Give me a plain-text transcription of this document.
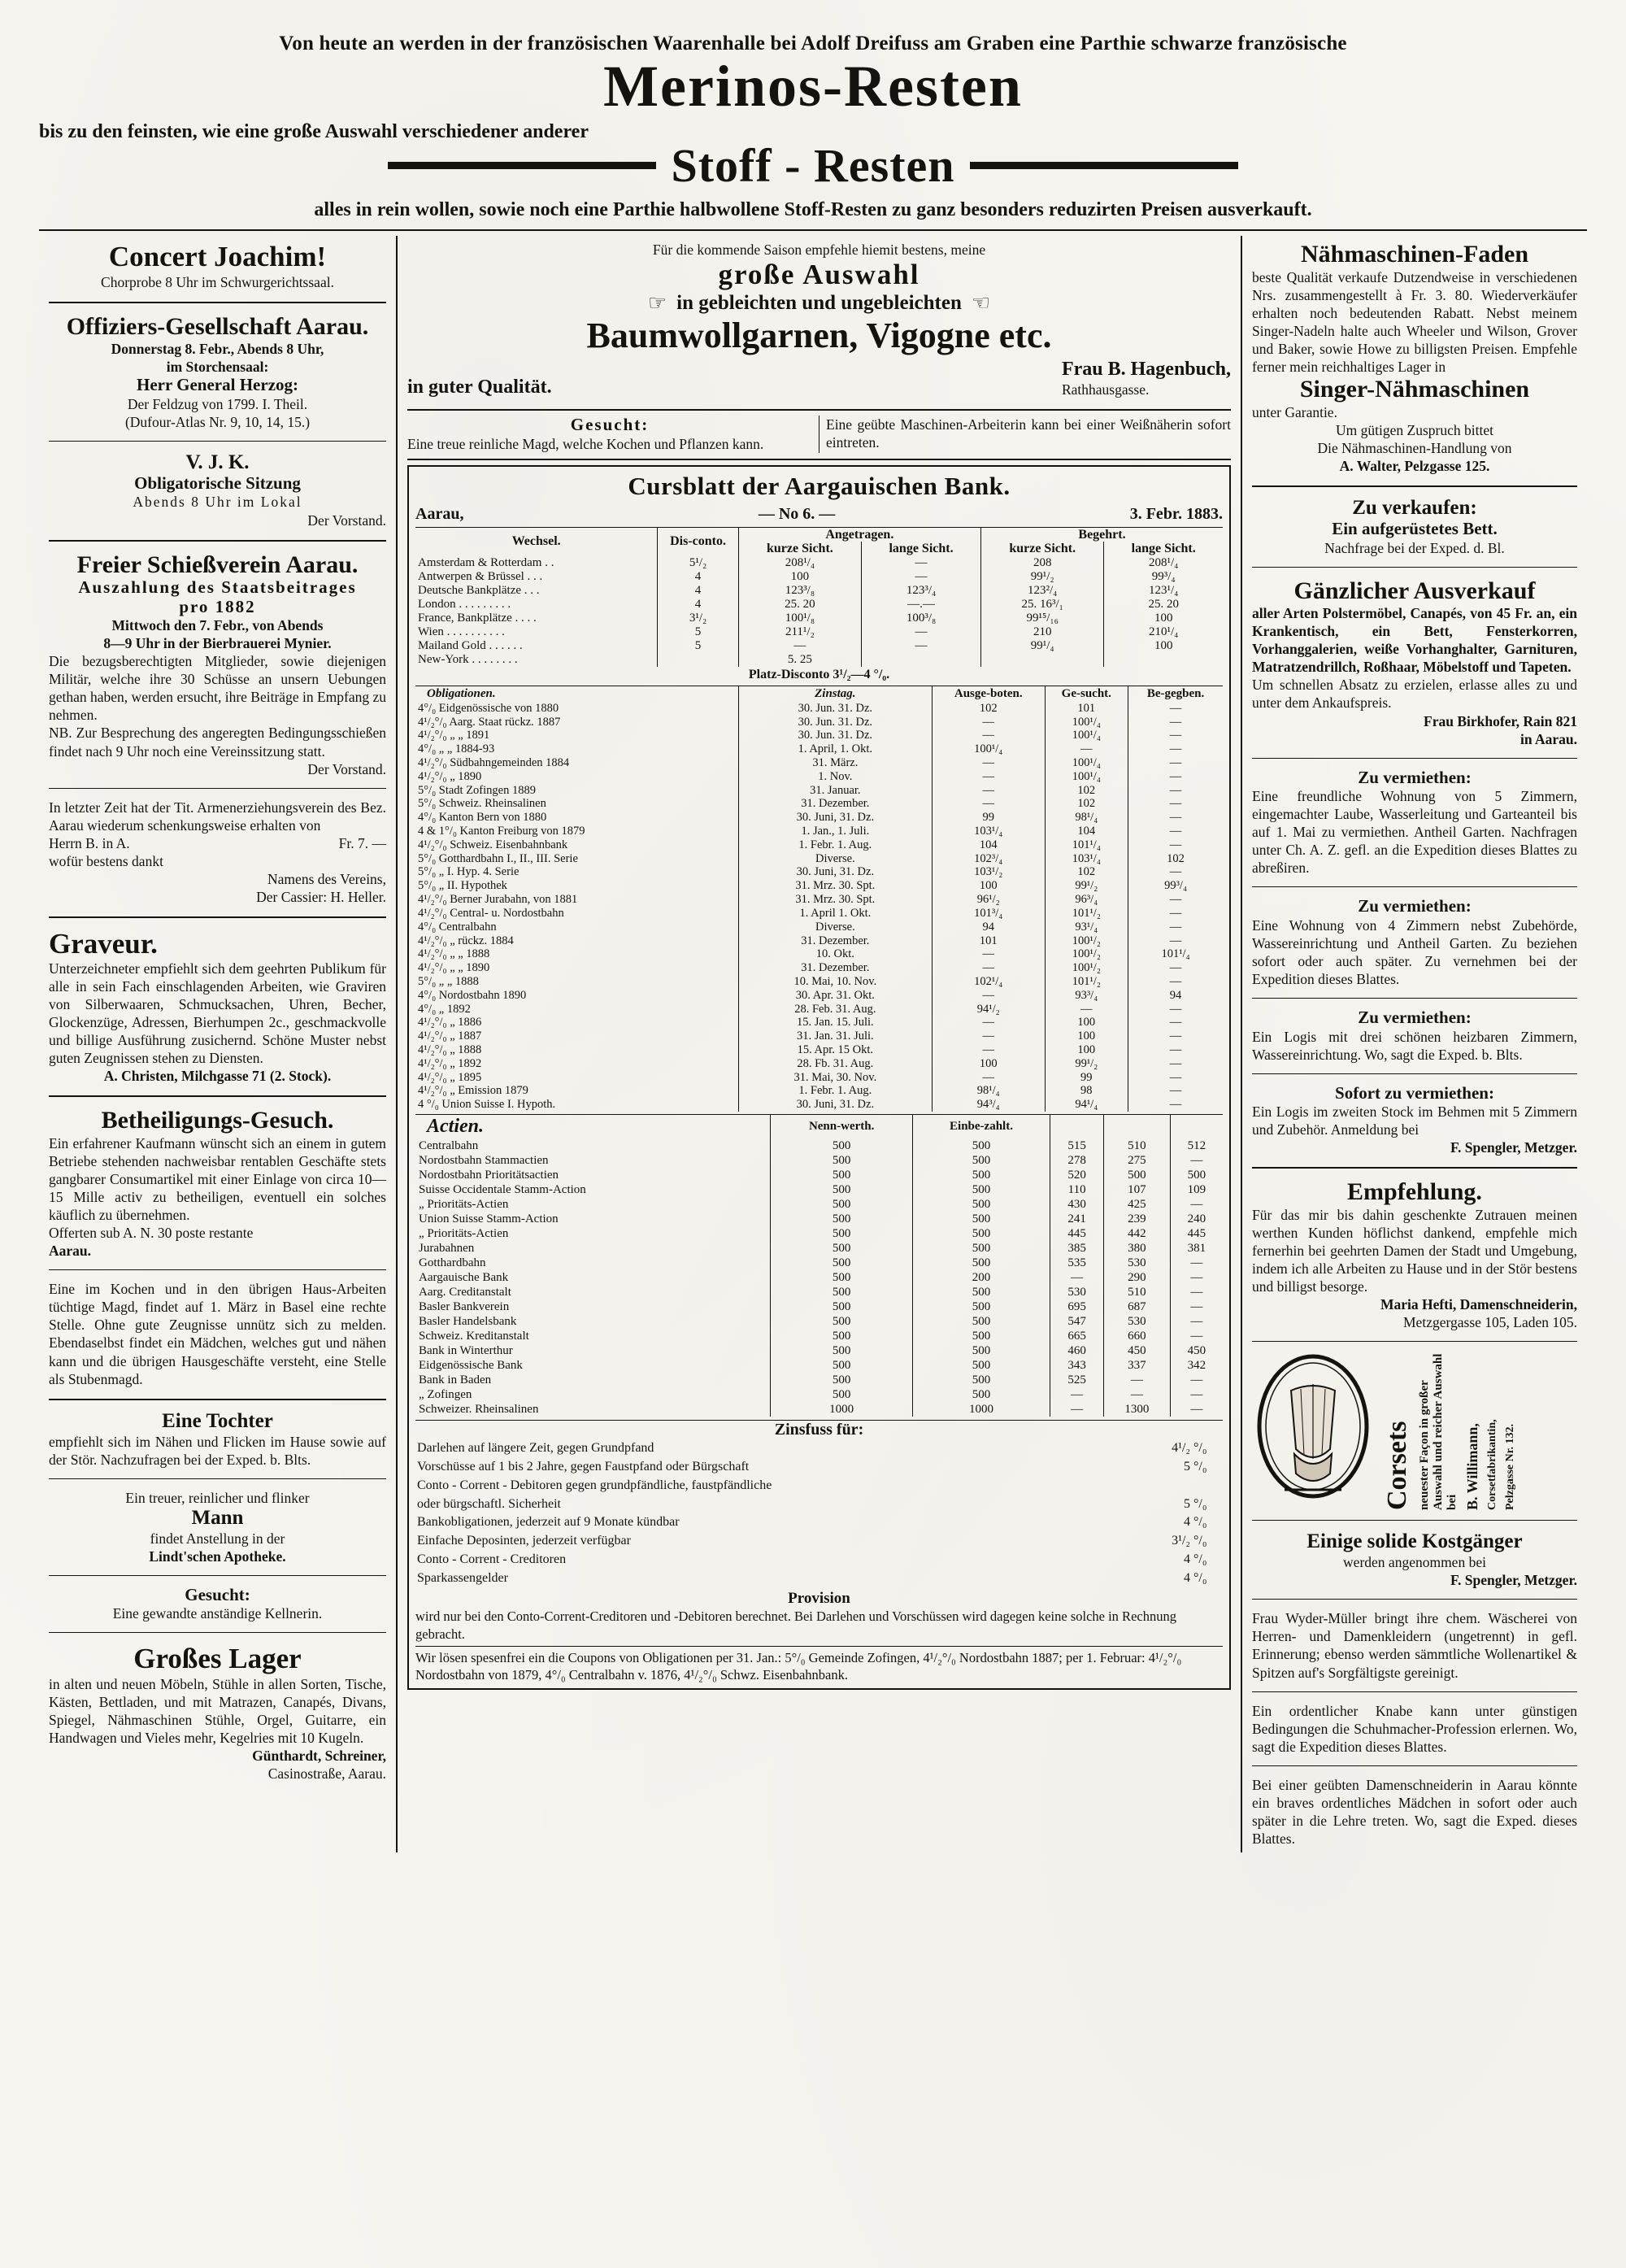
Von heute an werden in der französischen Waarenhalle bei Adolf Dreifuss am Graben eine Parthie schwarze französische
Merinos-Resten
bis zu den feinsten, wie eine große Auswahl verschiedener anderer
Stoff - Resten
alles in rein wollen, sowie noch eine Parthie halbwollene Stoff-Resten zu ganz besonders reduzirten Preisen ausverkauft.
Concert Joachim!
Chorprobe 8 Uhr im Schwurgerichtssaal.
Offiziers-Gesellschaft Aarau.
Donnerstag 8. Febr., Abends 8 Uhr,
im Storchensaal:
Herr General Herzog:
Der Feldzug von 1799. I. Theil.
(Dufour-Atlas Nr. 9, 10, 14, 15.)
V. J. K.
Obligatorische Sitzung
Abends 8 Uhr im Lokal
Der Vorstand.
Freier Schießverein Aarau.
Auszahlung des Staatsbeitrages
pro 1882
Mittwoch den 7. Febr., von Abends
8—9 Uhr in der Bierbrauerei Mynier.
Die bezugsberechtigten Mitglieder, sowie diejenigen Militär, welche ihre 30 Schüsse an unsern Uebungen gethan haben, werden ersucht, ihre Beiträge in Empfang zu nehmen.
NB. Zur Besprechung des angeregten Bedingungsschießen findet nach 9 Uhr noch eine Vereinssitzung statt.
Der Vorstand.
In letzter Zeit hat der Tit. Armenerziehungsverein des Bez. Aarau wiederum schenkungsweise erhalten von
Herrn B. in A.	Fr. 7. —
wofür bestens dankt
Namens des Vereins,
Der Cassier: H. Heller.
Graveur.
Unterzeichneter empfiehlt sich dem geehrten Publikum für alle in sein Fach einschlagenden Arbeiten, wie Graviren von Silberwaaren, Schmucksachen, Uhren, Becher, Glockenzüge, Adressen, Bierhumpen 2c., geschmackvolle und billige Ausführung zusichernd. Schöne Muster nebst guten Zeugnissen stehen zu Diensten.
A. Christen, Milchgasse 71 (2. Stock).
Betheiligungs-Gesuch.
Ein erfahrener Kaufmann wünscht sich an einem in gutem Betriebe stehenden nachweisbar rentablen Geschäfte stets gangbarer Consumartikel mit einer Einlage von circa 10—15 Mille activ zu betheiligen, eventuell ein solches käuflich zu übernehmen.
Offerten sub A. N. 30 poste restante
Aarau.
Eine im Kochen und in den übrigen Haus-Arbeiten tüchtige Magd, findet auf 1. März in Basel eine rechte Stelle. Ohne gute Zeugnisse unnütz sich zu melden. Ebendaselbst findet ein Mädchen, welches gut und nähen kann und die übrigen Hausgeschäfte versteht, eine Stelle als Stubenmagd.
Eine Tochter
empfiehlt sich im Nähen und Flicken im Hause sowie auf der Stör. Nachzufragen bei der Exped. b. Blts.
Ein treuer, reinlicher und flinker
Mann
findet Anstellung in der
Lindt'schen Apotheke.
Gesucht:
Eine gewandte anständige Kellnerin.
Großes Lager
in alten und neuen Möbeln, Stühle in allen Sorten, Tische, Kästen, Bettladen, und mit Matrazen, Canapés, Divans, Spiegel, Nähmaschinen Stühle, Orgel, Guitarre, ein Handwagen und Vieles mehr, Kegelries mit 10 Kugeln.
Günthardt, Schreiner,
Casinostraße, Aarau.
Für die kommende Saison empfehle hiemit bestens, meine
große Auswahl
☞ in gebleichten und ungebleichten ☜
Baumwollgarnen, Vigogne etc.
in guter Qualität.
Frau B. Hagenbuch,
Rathhausgasse.
Gesucht:
Eine treue reinliche Magd, welche Kochen und Pflanzen kann.
Eine geübte Maschinen-Arbeiterin kann bei einer Weißnäherin sofort eintreten.
Cursblatt der Aargauischen Bank.
Aarau,	— No 6. —	3. Febr. 1883.
Wechsel.	Dis-conto.	Angetragen.		Begehrt.	
		kurze Sicht.	lange Sicht.	kurze Sicht.	lange Sicht.
Amsterdam & Rotterdam . .	5¹/₂	208¹/₄	—	208	208¹/₄
Antwerpen & Brüssel . . .	4	100	—	99¹/₂	99³/₄
Deutsche Bankplätze . . .	4	123³/₈	123³/₄	123²/₄	123¹/₄
London . . . . . . . . .	4	25. 20	—.—	25. 16³/₁	25. 20
France, Bankplätze . . . .	3¹/₂	100¹/₈	100³/₈	99¹⁵/₁₆	100
Wien . . . . . . . . . .	5	211¹/₂	—	210	210¹/₄
Mailand Gold . . . . . .	5	—	—	99¹/₄	100
New-York . . . . . . . .		5. 25			
Platz-Disconto 3¹/₂—4 °/₀.
Obligationen.	Zinstag.	Ausge-boten.	Ge-sucht.	Be-gegben.
4°/₀ Eidgenössische von 1880	30. Jun. 31. Dz.	102	101	—
4¹/₂°/₀ Aarg. Staat rückz. 1887	30. Jun. 31. Dz.	—	100¹/₄	—
4¹/₂°/₀ „ „ 1891	30. Jun. 31. Dz.	—	100¹/₄	—
4°/₀ „ „ 1884-93	1. April, 1. Okt.	100¹/₄	—	—
4¹/₂°/₀ Südbahngemeinden 1884	31. März.	—	100¹/₄	—
4¹/₂°/₀ „ 1890	1. Nov.	—	100¹/₄	—
5°/₀ Stadt Zofingen 1889	31. Januar.	—	102	—
5°/₀ Schweiz. Rheinsalinen	31. Dezember.	—	102	—
4°/₀ Kanton Bern von 1880	30. Juni, 31. Dz.	99	98¹/₄	—
4 & 1°/₀ Kanton Freiburg von 1879	1. Jan., 1. Juli.	103¹/₄	104	—
4¹/₂°/₀ Schweiz. Eisenbahnbank	1. Febr. 1. Aug.	104	101¹/₄	—
5°/₀ Gotthardbahn I., II., III. Serie	Diverse.	102³/₄	103¹/₄	102
5°/₀ „ I. Hyp. 4. Serie	30. Juni, 31. Dz.	103¹/₂	102	—
5°/₀ „ II. Hypothek	31. Mrz. 30. Spt.	100	99¹/₂	99³/₄
4¹/₂°/₀ Berner Jurabahn, von 1881	31. Mrz. 30. Spt.	96¹/₂	96³/₄	—
4¹/₂°/₀ Central- u. Nordostbahn	1. April 1. Okt.	101³/₄	101¹/₂	—
4°/₀ Centralbahn	Diverse.	94	93¹/₄	—
4¹/₂°/₀ „ rückz. 1884	31. Dezember.	101	100¹/₂	—
4¹/₂°/₀ „ „ 1888	10. Okt.	—	100¹/₂	101¹/₄
4¹/₂°/₀ „ „ 1890	31. Dezember.	—	100¹/₂	—
5°/₀ „ „ 1888	10. Mai, 10. Nov.	102¹/₄	101¹/₂	—
4°/₀ Nordostbahn 1890	30. Apr. 31. Okt.	—	93³/₄	94
4°/₀ „ 1892	28. Feb. 31. Aug.	94¹/₂	—	—
4¹/₂°/₀ „ 1886	15. Jan. 15. Juli.	—	100	—
4¹/₂°/₀ „ 1887	31. Jan. 31. Juli.	—	100	—
4¹/₂°/₀ „ 1888	15. Apr. 15 Okt.	—	100	—
4¹/₂°/₀ „ 1892	28. Fb. 31. Aug.	100	99¹/₂	—
4¹/₂°/₀ „ 1895	31. Mai, 30. Nov.	—	99	—
4¹/₂°/₀ „ Emission 1879	1. Febr. 1. Aug.	98¹/₄	98	—
4 °/₀ Union Suisse I. Hypoth.	30. Juni, 31. Dz.	94³/₄	94¹/₄	—
Actien.	Nenn-werth.	Einbe-zahlt.			
Centralbahn	500	500	515	510	512
Nordostbahn Stammactien	500	500	278	275	—
Nordostbahn Prioritätsactien	500	500	520	500	500
Suisse Occidentale Stamm-Action	500	500	110	107	109
„ Prioritäts-Actien	500	500	430	425	—
Union Suisse Stamm-Action	500	500	241	239	240
„ Prioritäts-Actien	500	500	445	442	445
Jurabahnen	500	500	385	380	381
Gotthardbahn	500	500	535	530	—
Aargauische Bank	500	200	—	290	—
Aarg. Creditanstalt	500	500	530	510	—
Basler Bankverein	500	500	695	687	—
Basler Handelsbank	500	500	547	530	—
Schweiz. Kreditanstalt	500	500	665	660	—
Bank in Winterthur	500	500	460	450	450
Eidgenössische Bank	500	500	343	337	342
Bank in Baden	500	500	525	—	—
„ Zofingen	500	500	—	—	—
Schweizer. Rheinsalinen	1000	1000	—	1300	—
Zinsfuss für:
Darlehen auf längere Zeit, gegen Grundpfand	4¹/₂	°/₀
Vorschüsse auf 1 bis 2 Jahre, gegen Faustpfand oder Bürgschaft	5	°/₀
Conto - Corrent - Debitoren gegen grundpfändliche, faustpfändliche		
oder bürgschaftl. Sicherheit	5	°/₀
Bankobligationen, jederzeit auf 9 Monate kündbar	4	°/₀
Einfache Deposinten, jederzeit verfügbar	3¹/₂	°/₀
Conto - Corrent - Creditoren	4	°/₀
Sparkassengelder	4	°/₀
Provision
wird nur bei den Conto-Corrent-Creditoren und -Debitoren berechnet. Bei Darlehen und Vorschüssen wird dagegen keine solche in Rechnung gebracht.
Wir lösen spesenfrei ein die Coupons von Obligationen per 31. Jan.: 5°/₀ Gemeinde Zofingen, 4¹/₂°/₀ Nordostbahn 1887; per 1. Februar: 4¹/₂°/₀ Nordostbahn von 1879, 4°/₀ Centralbahn v. 1876, 4¹/₂°/₀ Schwz. Eisenbahnbank.
Nähmaschinen-Faden
beste Qualität verkaufe Dutzendweise in verschiedenen Nrs. zusammengestellt à Fr. 3. 80. Wiederverkäufer erhalten noch bedeutenden Rabatt. Nebst meinem Singer-Nadeln halte auch Wheeler und Wilson, Grover und Baker, sowie Howe zu billigsten Preisen. Empfehle ferner mein reichhaltiges Lager in
Singer-Nähmaschinen
unter Garantie.
Um gütigen Zuspruch bittet
Die Nähmaschinen-Handlung von
A. Walter, Pelzgasse 125.
Zu verkaufen:
Ein aufgerüstetes Bett.
Nachfrage bei der Exped. d. Bl.
Gänzlicher Ausverkauf
aller Arten Polstermöbel, Canapés, von 45 Fr. an, ein Krankentisch, ein Bett, Fensterkorren, Vorhanggalerien, weiße Vorhanghalter, Garnituren, Matratzendrillch, Roßhaar, Möbelstoff und Tapeten.
Um schnellen Absatz zu erzielen, erlasse alles zu und unter dem Ankaufspreis.
Frau Birkhofer, Rain 821
in Aarau.
Zu vermiethen:
Eine freundliche Wohnung von 5 Zimmern, eingemachter Laube, Wasserleitung und Garteanteil bis auf 1. Mai zu vermiethen. Antheil Garten. Nachfragen unter Ch. A. Z. gefl. an die Expedition dieses Blattes zu abreßiren.
Zu vermiethen:
Eine Wohnung von 4 Zimmern nebst Zubehörde, Wassereinrichtung und Antheil Garten. Zu beziehen sofort oder auch später. Zu vernehmen bei der Expedition dieses Blattes.
Zu vermiethen:
Ein Logis mit drei schönen heizbaren Zimmern, Wassereinrichtung. Wo, sagt die Exped. b. Blts.
Sofort zu vermiethen:
Ein Logis im zweiten Stock im Behmen mit 5 Zimmern und Zubehör. Anmeldung bei
F. Spengler, Metzger.
Empfehlung.
Für das mir bis dahin geschenkte Zutrauen meinen werthen Kunden höflichst dankend, empfehle mich fernerhin bei geehrten Damen der Stadt und Umgebung, indem ich alle Arbeiten zu Hause und in der Stör bestens und billigst besorge.
Maria Hefti, Damenschneiderin,
Metzgergasse 105, Laden 105.
Corsets neuester Façon in großer Auswahl und reicher Auswahl bei B. Willimann, Corsetfabrikantin, Pelzgasse Nr. 132.
Einige solide Kostgänger
werden angenommen bei
F. Spengler, Metzger.
Frau Wyder-Müller bringt ihre chem. Wäscherei von Herren- und Damenkleidern (ungetrennt) in gefl. Erinnerung; ebenso werden sämmtliche Wollenartikel & Spitzen auf's Sorgfältigste gereinigt.
Ein ordentlicher Knabe kann unter günstigen Bedingungen die Schuhmacher-Profession erlernen. Wo, sagt die Expedition dieses Blattes.
Bei einer geübten Damenschneiderin in Aarau könnte ein braves ordentliches Mädchen in sofort oder auch später in die Lehre treten. Wo, sagt die Exped. dieses Blattes.
